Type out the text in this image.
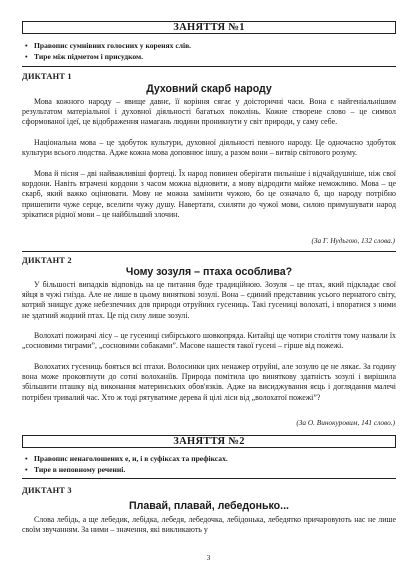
ЗАНЯТТЯ №1
• Правопис сумнівних голосних у коренях слів.
• Тире між підметом і присудком.
ДИКТАНТ 1
Духовний скарб народу

Мова кожного народу – явище давнє, її коріння сягає у доісторичні часи. Вона є найгеніальнішим результатом матеріальної і духовної діяльності багатьох поколінь. Кожне створене слово – це символ сформованої ідеї, це відображення намагань людини проникнути у світ природи, у саму себе.

Національна мова – це здобуток культури, духовної діяльності певного народу. Це одночасно здобуток культури всього людства. Адже кожна мова доповнює іншу, а разом вони – витвір світового розуму.

Мова й пісня – дві найважливіші фортеці. Їх народ повинен оберігати пильніше і відчайдушніше, ніж свої кордони. Навіть втрачені кордони з часом можна відновити, а мову відродити майже неможливо. Мова – це скарб, який важко оцінювати. Мову не можна замінити чужою, бо це означало б, що народу потрібно пришепити чуже серце, вселити чужу душу. Навертати, схиляти до чужої мови, силою примушувати народ зрікатися рідної мови – це найбільший злочин.

(За Г. Нудьгою, 132 слова.)
ДИКТАНТ 2
Чому зозуля – птаха особлива?

У більшості випадків відповідь на це питання буде традиційною. Зозуля – це птах, який підкладає свої яйця в чужі гнізда. Але не лише в цьому виняткові зозулі. Вона – єдиний представник усього пернатого світу, котрий знищує дуже небезпечних для природи отруйних гусениць. Такі гусениці волохаті, і впоратися з ними не здатний жодний птах. Це під силу лише зозулі.

Волохаті пожирачі лісу – це гусениці сибірського шовкопряда. Китайці ще чотири століття тому назвали їх „сосновими тиграми”, „сосновими собаками”. Масове нашестя такої гусені – гірше від пожежі.

Волохатих гусениць бояться всі птахи. Волосинки цих ненажер отруйні, але зозулю це не лякає. За годину вона може проковтнути до сотні волоханіїв. Природа помітила цю виняткову здатність зозулі і вирішила збільшити пташку від виконання материнських обов'язків. Адже на висиджування яєць і доглядання малечі потрібен тривалий час. Хто ж тоді рятуватиме дерева й цілі ліси від „волохатої пожежі”?

(За О. Винокуровим, 141 слово.)
ЗАНЯТТЯ №2
• Правопис ненаголошених е, и, і в суфіксах та префіксах.
• Тире в неповному реченні.
ДИКТАНТ 3
Плавай, плавай, лебедонько...

Слова лебідь, а ще лебедик, лебідка, лебедя, лебедочка, лебідонька, лебедятко причаровують нас не лише своїм звучанням. За ними – значення, які викликають у

3
